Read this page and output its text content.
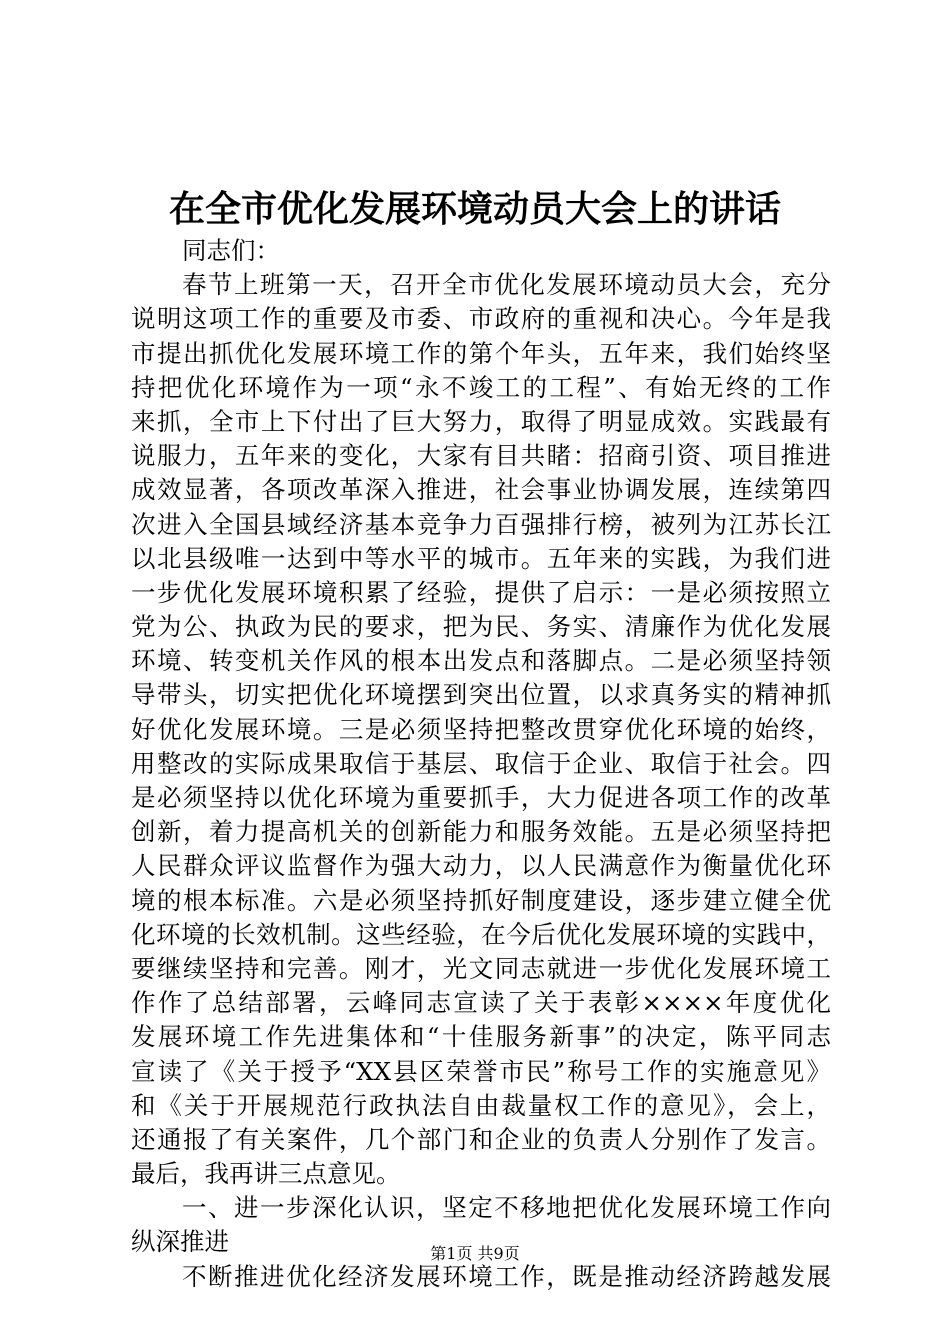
在全市优化发展环境动员大会上的讲话
同志们：
春节上班第一天，召开全市优化发展环境动员大会，充分
说明这项工作的重要及市委、市政府的重视和决心。今年是我
市提出抓优化发展环境工作的第个年头，五年来，我们始终坚
持把优化环境作为一项“永不竣工的工程”、有始无终的工作
来抓，全市上下付出了巨大努力，取得了明显成效。实践最有
说服力，五年来的变化，大家有目共睹：招商引资、项目推进
成效显著，各项改革深入推进，社会事业协调发展，连续第四
次进入全国县域经济基本竞争力百强排行榜，被列为江苏长江
以北县级唯一达到中等水平的城市。五年来的实践，为我们进
一步优化发展环境积累了经验，提供了启示：一是必须按照立
党为公、执政为民的要求，把为民、务实、清廉作为优化发展
环境、转变机关作风的根本出发点和落脚点。二是必须坚持领
导带头，切实把优化环境摆到突出位置，以求真务实的精神抓
好优化发展环境。三是必须坚持把整改贯穿优化环境的始终，
用整改的实际成果取信于基层、取信于企业、取信于社会。四
是必须坚持以优化环境为重要抓手，大力促进各项工作的改革
创新，着力提高机关的创新能力和服务效能。五是必须坚持把
人民群众评议监督作为强大动力，以人民满意作为衡量优化环
境的根本标准。六是必须坚持抓好制度建设，逐步建立健全优
化环境的长效机制。这些经验，在今后优化发展环境的实践中，
要继续坚持和完善。刚才，光文同志就进一步优化发展环境工
作作了总结部署，云峰同志宣读了关于表彰××××年度优化
发展环境工作先进集体和“十佳服务新事”的决定，陈平同志
宣读了《关于授予“XX县区荣誉市民”称号工作的实施意见》
和《关于开展规范行政执法自由裁量权工作的意见》，会上，
还通报了有关案件，几个部门和企业的负责人分别作了发言。
最后，我再讲三点意见。
一、进一步深化认识，坚定不移地把优化发展环境工作向
纵深推进
不断推进优化经济发展环境工作，既是推动经济跨越发展
第1页 共9页
